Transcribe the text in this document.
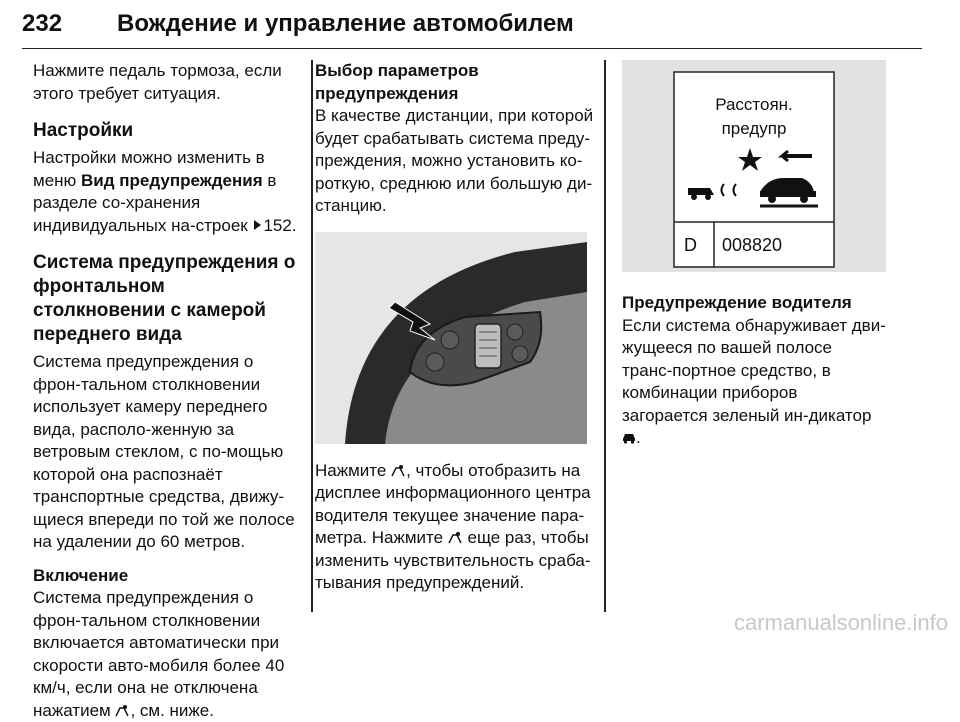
232 Вождение и управление автомобилем

Нажмите педаль тормоза, если этого требует ситуация.

Настройки

Настройки можно изменить в меню Вид предупреждения в разделе со-хранения индивидуальных на-строек 152.

Система предупреждения о фронтальном столкновении с камерой переднего вида

Система предупреждения о фрон-тальном столкновении использует камеру переднего вида, располо-женную за ветровым стеклом, с по-мощью которой она распознаёт транспортные средства, движу-щиеся впереди по той же полосе на удалении до 60 метров.

Включение

Система предупреждения о фрон-тальном столкновении включается автоматически при скорости авто-мобиля более 40 км/ч, если она не отключена нажатием , см. ниже.

Выбор параметров предупреждения

В качестве дистанции, при которой будет срабатывать система преду-преждения, можно установить ко-роткую, среднюю или большую ди-станцию.

Нажмите , чтобы отобразить на дисплее информационного центра водителя текущее значение пара-метра. Нажмите  еще раз, чтобы изменить чувствительность сраба-тывания предупреждений.

Расстоян.
предупр
D 008820

Предупреждение водителя

Если система обнаруживает дви-жущееся по вашей полосе транс-портное средство, в комбинации приборов загорается зеленый ин-дикатор .

carmanualsonline.info
